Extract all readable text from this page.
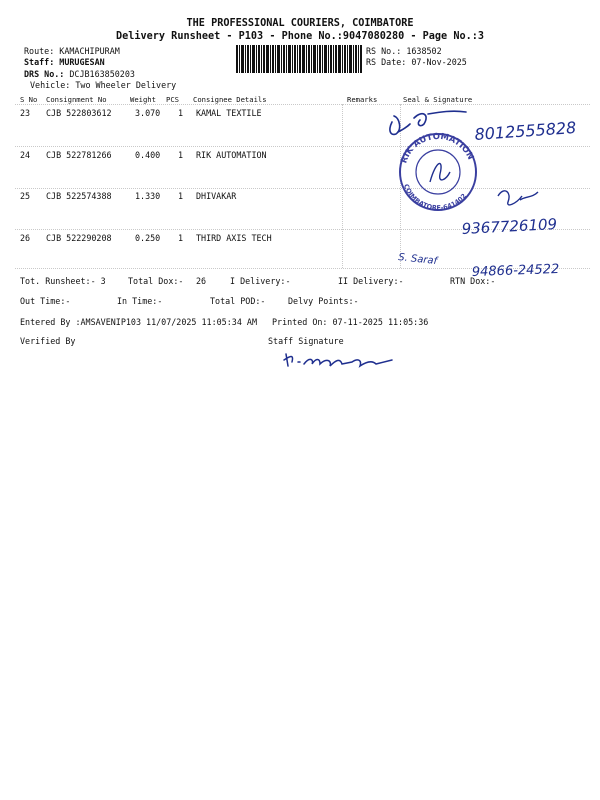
THE PROFESSIONAL COURIERS, COIMBATORE
Delivery Runsheet - P103 - Phone No.:9047080280 - Page No.:3
Route: KAMACHIPURAM
Staff: MURUGESAN
DRS No.: DCJB163850203
Vehicle: Two Wheeler Delivery
RS No.: 1638502
RS Date: 07-Nov-2025
S No Consignment No	Weight PCS Consignee Details	Remarks	Seal & Signature
23 CJB 522803612	3.070 1 KAMAL TEXTILE
24 CJB 522781266	0.400 1 RIK AUTOMATION
25 CJB 522574388	1.330 1 DHIVAKAR
26 CJB 522290208	0.250 1 THIRD AXIS TECH
8012555828
RIK AUTOMATION
COIMBATORE-641402
9367726109
S. Saraf
94866-24522
Tot. Runsheet:- 3	Total Dox:- 26	I Delivery:-	II Delivery:-	RTN Dox:-
Out Time:-	In Time:-	Total POD:-	Delvy Points:-
Entered By :AMSAVENIP103 11/07/2025 11:05:34 AM Printed On: 07-11-2025 11:05:36
Verified By	Staff Signature
